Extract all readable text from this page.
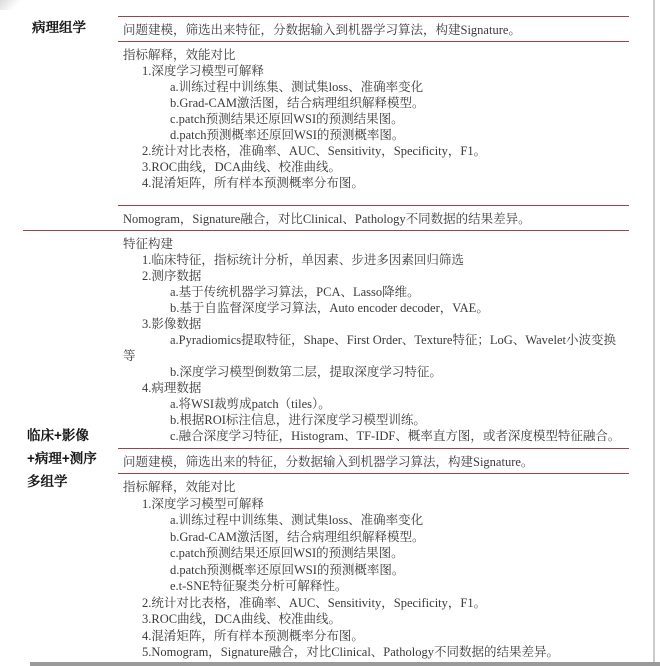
病理组学	问题建模，筛选出来特征，分数据输入到机器学习算法，构建Signature。
指标解释，效能对比
1.深度学习模型可解释
a.训练过程中训练集、测试集loss、准确率变化
b.Grad-CAM激活图，结合病理组织解释模型。
c.patch预测结果还原回WSI的预测结果图。
d.patch预测概率还原回WSI的预测概率图。
2.统计对比表格，准确率、AUC、Sensitivity，Specificity，F1。
3.ROC曲线，DCA曲线、校准曲线。
4.混淆矩阵，所有样本预测概率分布图。
Nomogram，Signature融合，对比Clinical、Pathology不同数据的结果差异。
临床+影像+病理+测序多组学
特征构建
1.临床特征，指标统计分析，单因素、步进多因素回归筛选
2.测序数据
a.基于传统机器学习算法，PCA、Lasso降维。
b.基于自监督深度学习算法，Auto encoder decoder，VAE。
3.影像数据
a.Pyradiomics提取特征，Shape、First Order、Texture特征；LoG、Wavelet小波变换
等
b.深度学习模型倒数第二层，提取深度学习特征。
4.病理数据
a.将WSI裁剪成patch（tiles）。
b.根据ROI标注信息，进行深度学习模型训练。
c.融合深度学习特征，Histogram、TF-IDF、概率直方图，或者深度模型特征融合。
问题建模，筛选出来的特征，分数据输入到机器学习算法，构建Signature。
指标解释，效能对比
1.深度学习模型可解释
a.训练过程中训练集、测试集loss、准确率变化
b.Grad-CAM激活图，结合病理组织解释模型。
c.patch预测结果还原回WSI的预测结果图。
d.patch预测概率还原回WSI的预测概率图。
e.t-SNE特征聚类分析可解释性。
2.统计对比表格，准确率、AUC、Sensitivity，Specificity，F1。
3.ROC曲线，DCA曲线、校准曲线。
4.混淆矩阵，所有样本预测概率分布图。
5.Nomogram，Signature融合，对比Clinical、Pathology不同数据的结果差异。
